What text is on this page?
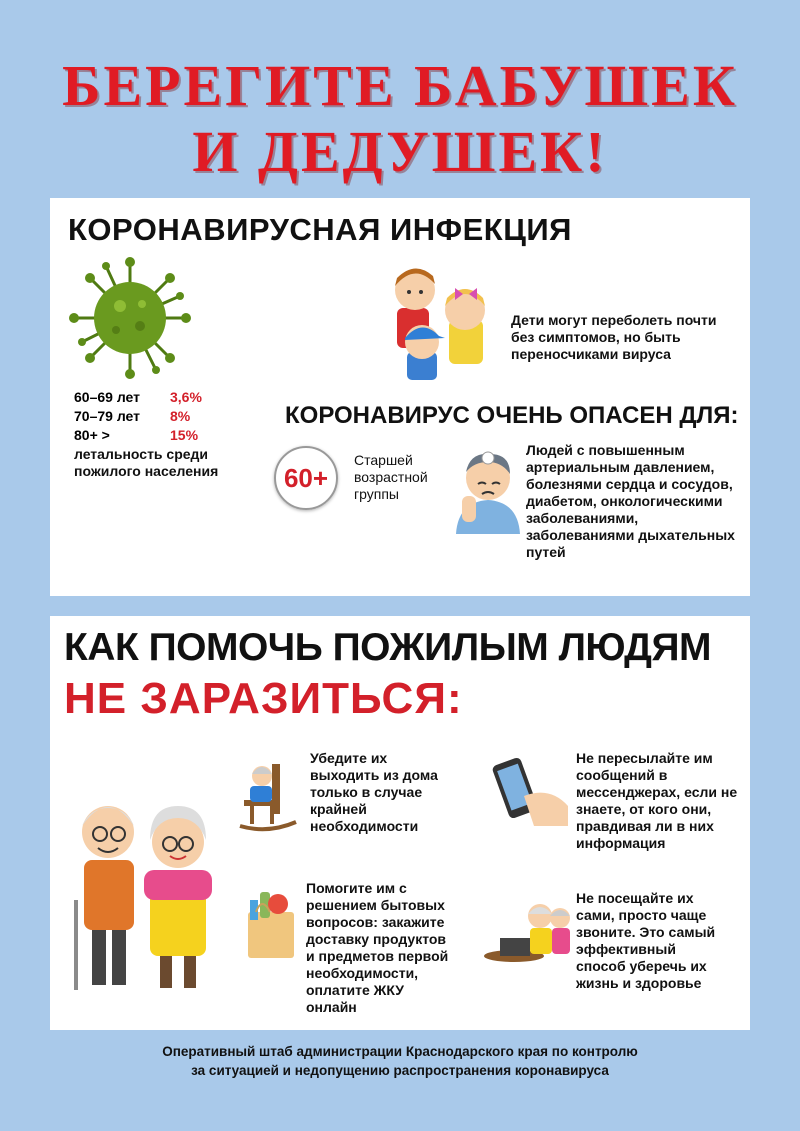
БЕРЕГИТЕ БАБУШЕК
И ДЕДУШЕК!
КОРОНАВИРУСНАЯ ИНФЕКЦИЯ
Дети могут переболеть почти без симптомов, но быть переносчиками вируса
60–69 лет 3,6%
70–79 лет 8%
80+ >	15%
летальность среди пожилого населения
КОРОНАВИРУС ОЧЕНЬ ОПАСЕН ДЛЯ:
60+
Старшей возрастной группы
Людей с повышенным артериальным давлением, болезнями сердца и сосудов, диабетом, онкологическими заболеваниями, заболеваниями дыхательных путей
КАК ПОМОЧЬ ПОЖИЛЫМ ЛЮДЯМ
НЕ ЗАРАЗИТЬСЯ:
Убедите их выходить из дома только в случае крайней необходимости
Не пересылайте им сообщений в мессенджерах, если не знаете, от кого они, правдивая ли в них информация
Помогите им с решением бытовых вопросов: закажите доставку продуктов и предметов первой необходимости, оплатите ЖКУ онлайн
Не посещайте их сами, просто чаще звоните. Это самый эффективный способ уберечь их жизнь и здоровье
Оперативный штаб администрации Краснодарского края по контролю
за ситуацией и недопущению распространения коронавируса
